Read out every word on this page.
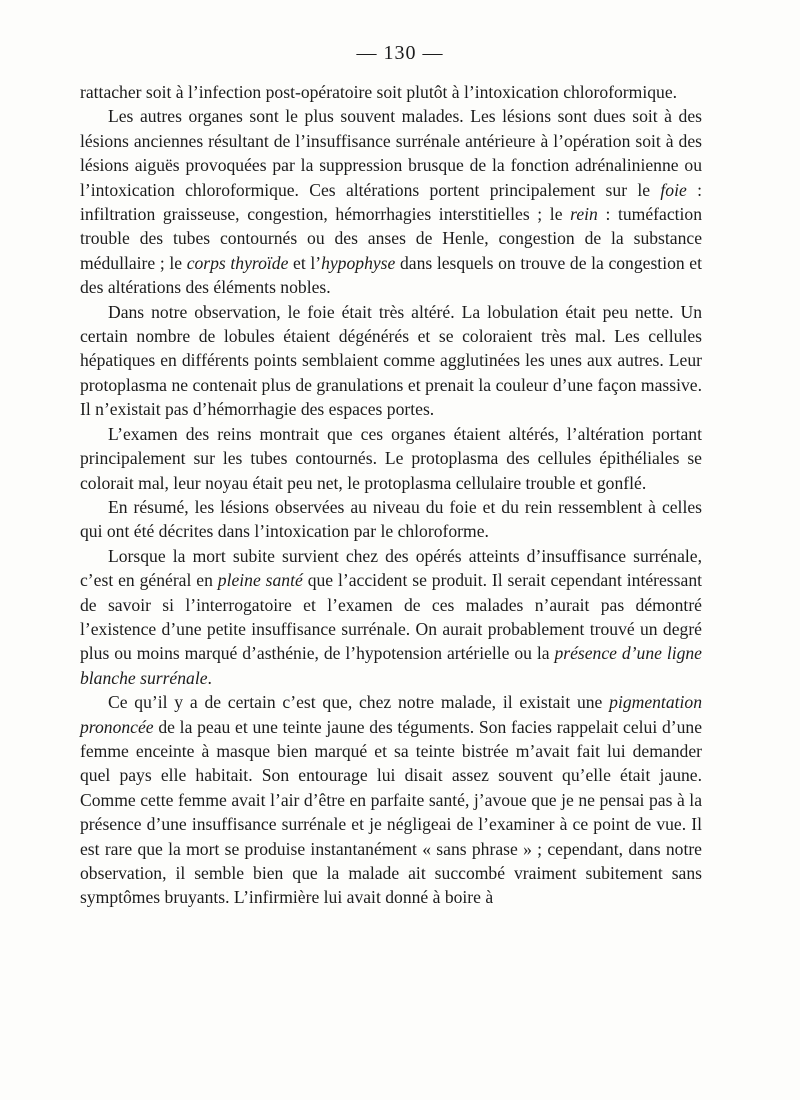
— 130 —

rattacher soit à l’infection post-opératoire soit plutôt à l’intoxication chloroformique.

Les autres organes sont le plus souvent malades. Les lésions sont dues soit à des lésions anciennes résultant de l’insuffisance surrénale antérieure à l’opération soit à des lésions aiguës provoquées par la suppression brusque de la fonction adrénalinienne ou l’intoxication chloroformique. Ces altérations portent principalement sur le foie : infiltration graisseuse, congestion, hémorrhagies interstitielles ; le rein : tuméfaction trouble des tubes contournés ou des anses de Henle, congestion de la substance médullaire ; le corps thyroïde et l’hypophyse dans lesquels on trouve de la congestion et des altérations des éléments nobles.

Dans notre observation, le foie était très altéré. La lobulation était peu nette. Un certain nombre de lobules étaient dégénérés et se coloraient très mal. Les cellules hépatiques en différents points semblaient comme agglutinées les unes aux autres. Leur protoplasma ne contenait plus de granulations et prenait la couleur d’une façon massive. Il n’existait pas d’hémorrhagie des espaces portes.

L’examen des reins montrait que ces organes étaient altérés, l’altération portant principalement sur les tubes contournés. Le protoplasma des cellules épithéliales se colorait mal, leur noyau était peu net, le protoplasma cellulaire trouble et gonflé.

En résumé, les lésions observées au niveau du foie et du rein ressemblent à celles qui ont été décrites dans l’intoxication par le chloroforme.

Lorsque la mort subite survient chez des opérés atteints d’insuffisance surrénale, c’est en général en pleine santé que l’accident se produit. Il serait cependant intéressant de savoir si l’interrogatoire et l’examen de ces malades n’aurait pas démontré l’existence d’une petite insuffisance surrénale. On aurait probablement trouvé un degré plus ou moins marqué d’asthénie, de l’hypotension artérielle ou la présence d’une ligne blanche surrénale.

Ce qu’il y a de certain c’est que, chez notre malade, il existait une pigmentation prononcée de la peau et une teinte jaune des téguments. Son facies rappelait celui d’une femme enceinte à masque bien marqué et sa teinte bistrée m’avait fait lui demander quel pays elle habitait. Son entourage lui disait assez souvent qu’elle était jaune. Comme cette femme avait l’air d’être en parfaite santé, j’avoue que je ne pensai pas à la présence d’une insuffisance surrénale et je négligeai de l’examiner à ce point de vue. Il est rare que la mort se produise instantanément « sans phrase » ; cependant, dans notre observation, il semble bien que la malade ait succombé vraiment subitement sans symptômes bruyants. L’infirmière lui avait donné à boire à
